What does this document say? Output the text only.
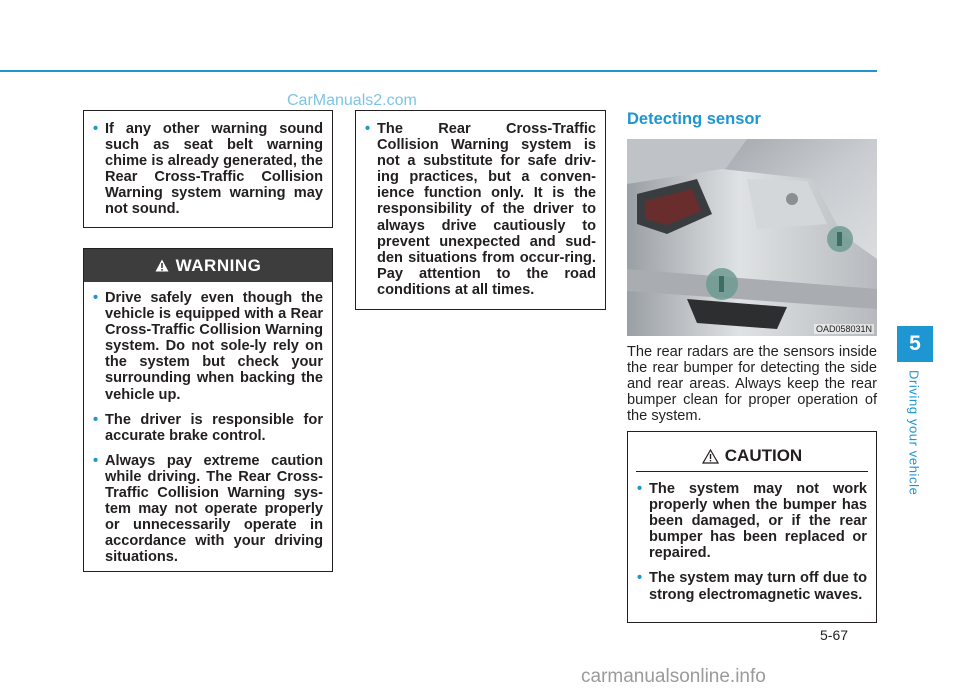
CarManuals2.com
• If any other warning sound such as seat belt warning chime is already generated, the Rear Cross-Traffic Collision Warning system warning may not sound.
WARNING
• Drive safely even though the vehicle is equipped with a Rear Cross-Traffic Collision Warning system. Do not sole-ly rely on the system but check your surrounding when backing the vehicle up.
• The driver is responsible for accurate brake control.
• Always pay extreme caution while driving. The Rear Cross-Traffic Collision Warning sys-tem may not operate properly or unnecessarily operate in accordance with your driving situations.
• The Rear Cross-Traffic Collision Warning system is not a substitute for safe driv-ing practices, but a conven-ience function only. It is the responsibility of the driver to always drive cautiously to prevent unexpected and sud-den situations from occur-ring. Pay attention to the road conditions at all times.
Detecting sensor
OAD058031N
The rear radars are the sensors inside the rear bumper for detecting the side and rear areas. Always keep the rear bumper clean for proper operation of the system.
CAUTION
• The system may not work properly when the bumper has been damaged, or if the rear bumper has been replaced or repaired.
• The system may turn off due to strong electromagnetic waves.
5
Driving your vehicle
5-67
carmanualsonline.info
